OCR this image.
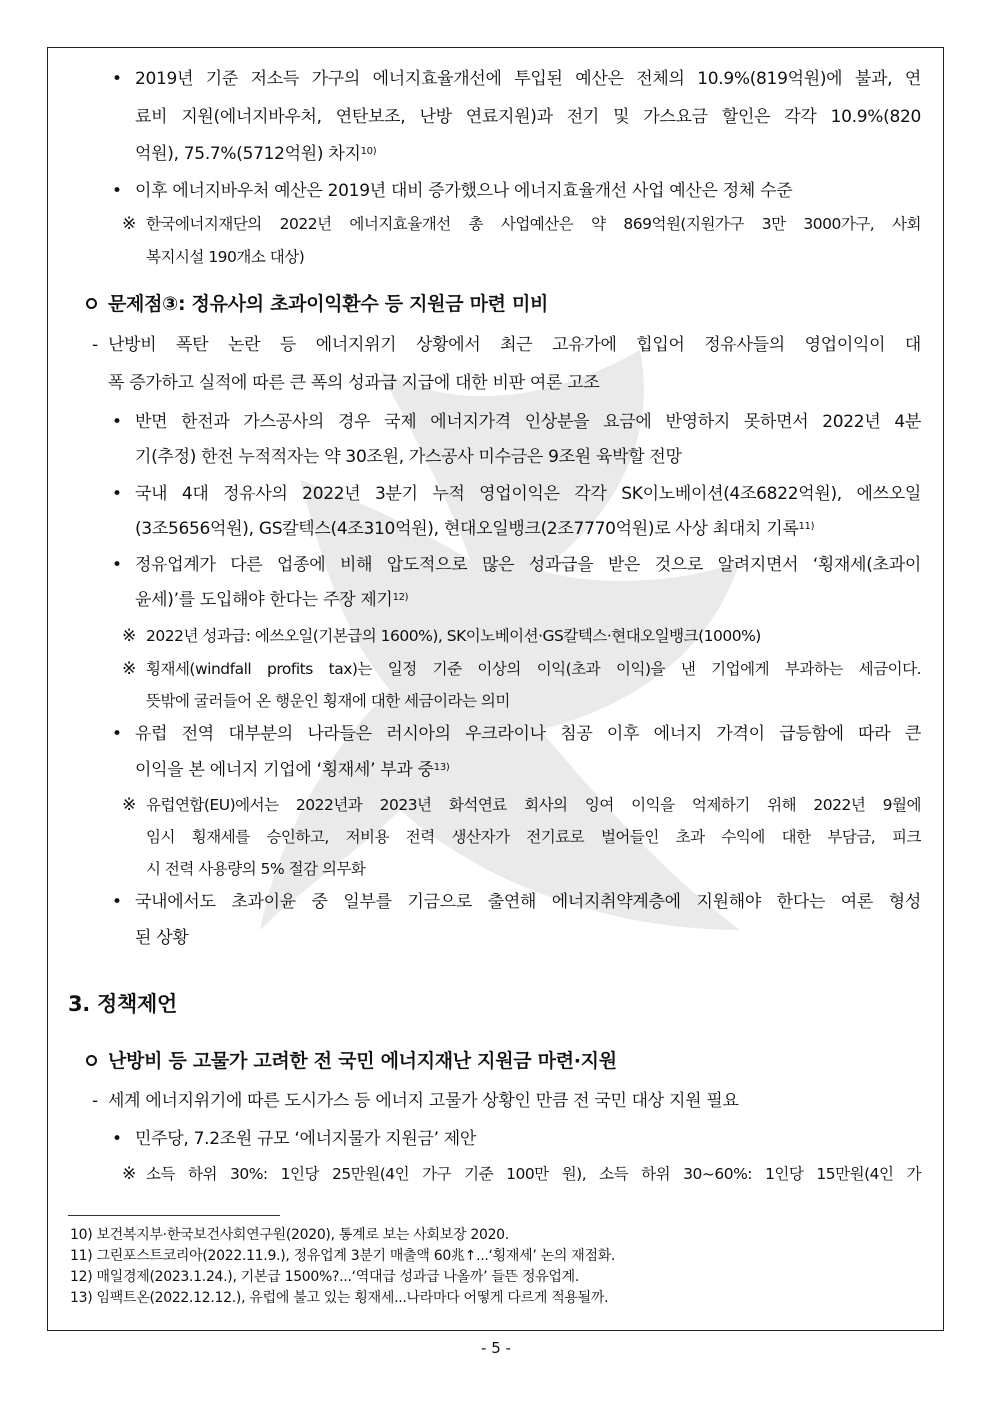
• 2019년 기준 저소득 가구의 에너지효율개선에 투입된 예산은 전체의 10.9%(819억원)에 불과, 연
료비 지원(에너지바우처, 연탄보조, 난방 연료지원)과 전기 및 가스요금 할인은 각각 10.9%(820
억원), 75.7%(5712억원) 차지$^{10)}$
• 이후 에너지바우처 예산은 2019년 대비 증가했으나 에너지효율개선 사업 예산은 정체 수준
※ 한국에너지재단의 2022년 에너지효율개선 총 사업예산은 약 869억원(지원가구 3만 3000가구, 사회
복지시설 190개소 대상)
문제점③: 정유사의 초과이익환수 등 지원금 마련 미비
- 난방비 폭탄 논란 등 에너지위기 상황에서 최근 고유가에 힙입어 정유사들의 영업이익이 대
폭 증가하고 실적에 따른 큰 폭의 성과급 지급에 대한 비판 여론 고조
• 반면 한전과 가스공사의 경우 국제 에너지가격 인상분을 요금에 반영하지 못하면서 2022년 4분
기(추정) 한전 누적적자는 약 30조원, 가스공사 미수금은 9조원 육박할 전망
• 국내 4대 정유사의 2022년 3분기 누적 영업이익은 각각 SK이노베이션(4조6822억원), 에쓰오일
(3조5656억원), GS칼텍스(4조310억원), 현대오일뱅크(2조7770억원)로 사상 최대치 기록$^{11)}$
• 정유업계가 다른 업종에 비해 압도적으로 많은 성과급을 받은 것으로 알려지면서 ‘횡재세(초과이
윤세)’를 도입해야 한다는 주장 제기$^{12)}$
※ 2022년 성과급: 에쓰오일(기본급의 1600%), SK이노베이션·GS칼텍스·현대오일뱅크(1000%)
※ 횡재세(windfall profits tax)는 일정 기준 이상의 이익(초과 이익)을 낸 기업에게 부과하는 세금이다.
뜻밖에 굴러들어 온 행운인 횡재에 대한 세금이라는 의미
• 유럽 전역 대부분의 나라들은 러시아의 우크라이나 침공 이후 에너지 가격이 급등함에 따라 큰
이익을 본 에너지 기업에 ‘횡재세’ 부과 중$^{13)}$
※ 유럽연합(EU)에서는 2022년과 2023년 화석연료 회사의 잉여 이익을 억제하기 위해 2022년 9월에
임시 횡재세를 승인하고, 저비용 전력 생산자가 전기료로 벌어들인 초과 수익에 대한 부담금, 피크
시 전력 사용량의 5% 절감 의무화
• 국내에서도 초과이윤 중 일부를 기금으로 출연해 에너지취약계층에 지원해야 한다는 여론 형성
된 상황
3. 정책제언
난방비 등 고물가 고려한 전 국민 에너지재난 지원금 마련·지원
- 세계 에너지위기에 따른 도시가스 등 에너지 고물가 상황인 만큼 전 국민 대상 지원 필요
• 민주당, 7.2조원 규모 ‘에너지물가 지원금’ 제안
※ 소득 하위 30%: 1인당 25만원(4인 가구 기준 100만 원), 소득 하위 30~60%: 1인당 15만원(4인 가
10) 보건복지부·한국보건사회연구원(2020), 통계로 보는 사회보장 2020.
11) 그린포스트코리아(2022.11.9.), 정유업계 3분기 매출액 60兆↑...‘횡재세’ 논의 재점화.
12) 매일경제(2023.1.24.), 기본급 1500%?...‘역대급 성과급 나올까’ 들뜬 정유업계.
13) 임팩트온(2022.12.12.), 유럽에 불고 있는 횡재세...나라마다 어떻게 다르게 적용될까.
- 5 -
